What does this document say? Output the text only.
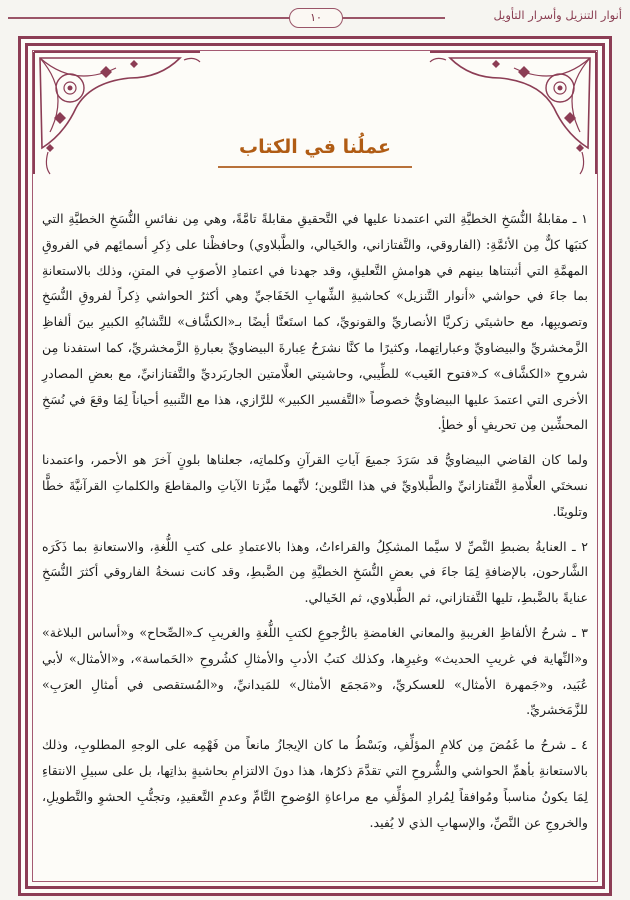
١٠	أنوار التنزيل وأسرار التأويل
عملُنا في الكتاب

١ ـ مقابلةُ النُّسَخِ الخطيَّةِ التي اعتمدنا عليها في التَّحقيقِ مقابلةً تامَّةً، وهي مِن نفائسِ النُّسَخِ الخطيَّةِ التي كتبَها كلٌّ مِن الأئمَّةِ: (الفاروقي، والتَّفتازاني، والخَيالي، والطَّبلاوي) وحافظْنا على ذِكرِ أسمائِهم في الفروقِ المهمَّةِ التي أثبتناها بينهم في هوامشِ التَّعليقِ، وقد جهدنا في اعتمادِ الأصوَبِ في المتنِ، وذلك بالاستعانةِ بما جاءَ في حواشي «أنوار التَّنزيل» كحاشيةِ الشِّهابِ الخَفَاجيِّ وهي أكثرُ الحواشي ذِكراً لفروقِ النُّسَخِ وتصويبِها، مع حاشيتَي زكريَّا الأنصاريِّ والقونويِّ، كما استَعنَّا أيضًا بـ«الكشَّاف» للتَّشابُهِ الكبيرِ بينَ ألفاظِ الزَّمخشريِّ والبيضاويِّ وعباراتِهما، وكثيرًا ما كنَّا نشرَحُ عِبارةَ البيضاويِّ بعبارةِ الزَّمخشريِّ، كما استفدنا مِن شروحِ «الكشَّاف» كـ«فتوح الغَيب» للطِّيبي، وحاشيتي العلَّامتين الجاربَرديِّ والتَّفتازانيِّ، مع بعضِ المصادرِ الأخرى التي اعتمدَ عليها البيضاويُّ خصوصاً «التَّفسير الكبير» للرَّازي، هذا مع التَّنبيهِ أحياناً لِمَا وقعَ في نُسَخِ المحشِّين مِن تحريفٍ أو خطأٍ.

ولما كان القاضي البيضاويُّ قد سَرَدَ جميعَ آياتِ القرآنِ وكلماتِه، جعلناها بلونٍ آخرَ هو الأحمر، واعتمدنا نسختَي العلَّامةِ التَّفتازانيِّ والطَّبلاويِّ في هذا التَّلوين؛ لأنَّهما ميَّزتا الآياتِ والمقاطعَ والكلماتِ القرآنيَّةَ خطًّا وتلوينًا.

٢ ـ العنايةُ بضبطِ النَّصِّ لا سيَّما المشكِلُ والقراءاتُ، وهذا بالاعتمادِ على كتبِ اللُّغةِ، والاستعانةِ بما ذَكَرَه الشَّارحون، بالإضافةِ لِمَا جاءَ في بعضِ النُّسَخِ الخطيَّةِ مِن الضَّبطِ، وقد كانت نسخةُ الفاروقي أكثرَ النُّسَخِ عنايةً بالضَّبطِ، تليها التَّفتازاني، ثم الطَّبلاوي، ثم الخَيالي.

٣ ـ شرحُ الألفاظِ الغريبةِ والمعاني الغامضةِ بالرُّجوعِ لكتبِ اللُّغةِ والغريبِ كـ«الصِّحاح» و«أساس البلاغة» و«النِّهاية في غريبِ الحديث» وغيرِها، وكذلك كتبُ الأدبِ والأمثالِ كشُروحِ «الحَماسة»، و«الأمثال» لأبي عُبَيد، و«جَمهرة الأمثال» للعسكريِّ، و«مَجمَع الأمثال» للمَيدانيِّ، و«المُستقصى في أمثالِ العرَبِ» للزَّمَخشريِّ.

٤ ـ شرحُ ما غَمُضَ مِن كلامِ المؤلِّفِ، وبَسْطُ ما كان الإيجازُ مانعاً من فَهْمِه على الوجهِ المطلوبِ، وذلك بالاستعانةِ بأهمِّ الحواشي والشُّروحِ التي تقدَّمَ ذكرُها، هذا دونَ الالتزامِ بحاشيةٍ بذاتِها، بل على سبيلِ الانتقاءِ لِمَا يكونُ مناسباً ومُوافقاً لِمُرادِ المؤلِّفِ مع مراعاةِ الوُضوحِ التَّامِّ وعدمِ التَّعقيدِ، وتجنُّبِ الحشوِ والتَّطويلِ، والخروجِ عن النَّصِّ، والإسهابِ الذي لا يُفيد.
